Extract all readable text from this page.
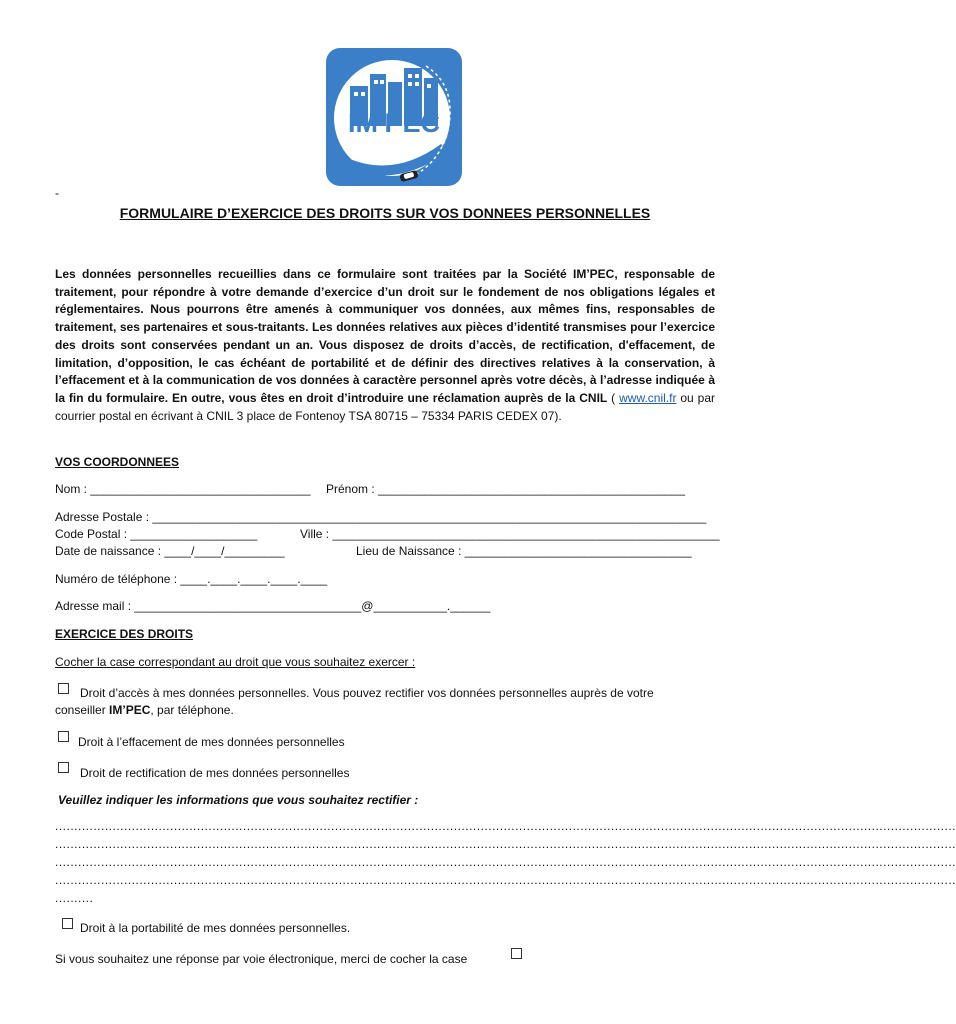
IM'PEC
-
FORMULAIRE D’EXERCICE DES DROITS SUR VOS DONNEES PERSONNELLES
Les données personnelles recueillies dans ce formulaire sont traitées par la Société IM’PEC, responsable de traitement, pour répondre à votre demande d’exercice d’un droit sur le fondement de nos obligations légales et réglementaires. Nous pourrons être amenés à communiquer vos données, aux mêmes fins, responsables de traitement, ses partenaires et sous-traitants. Les données relatives aux pièces d’identité transmises pour l’exercice des droits sont conservées pendant un an. Vous disposez de droits d’accès, de rectification, d'effacement, de limitation, d’opposition, le cas échéant de portabilité et de définir des directives relatives à la conservation, à l’effacement et à la communication de vos données à caractère personnel après votre décès, à l’adresse indiquée à la fin du formulaire. En outre, vous êtes en droit d’introduire une réclamation auprès de la CNIL ( www.cnil.fr ou par courrier postal en écrivant à CNIL 3 place de Fontenoy TSA 80715 – 75334 PARIS CEDEX 07).
VOS COORDONNEES
Nom : _________________________________ Prénom : ______________________________________________
Adresse Postale : ___________________________________________________________________________________
Code Postal : ___________________	Ville : __________________________________________________________
Date de naissance : ____/____/_________	Lieu de Naissance : __________________________________
Numéro de téléphone : ____.____.____.____.____
Adresse mail : __________________________________@___________.______
EXERCICE DES DROITS
Cocher la case correspondant au droit que vous souhaitez exercer :
Droit d’accès à mes données personnelles. Vous pouvez rectifier vos données personnelles auprès de votre
conseiller IM’PEC, par téléphone.
Droit à l’effacement de mes données personnelles
Droit de rectification de mes données personnelles
Veuillez indiquer les informations que vous souhaitez rectifier :
...........................................................................................................................................................................................................................................
...........................................................................................................................................................................................................................................
...........................................................................................................................................................................................................................................
...........................................................................................................................................................................................................................................
..........
Droit à la portabilité de mes données personnelles.
Si vous souhaitez une réponse par voie électronique, merci de cocher la case
